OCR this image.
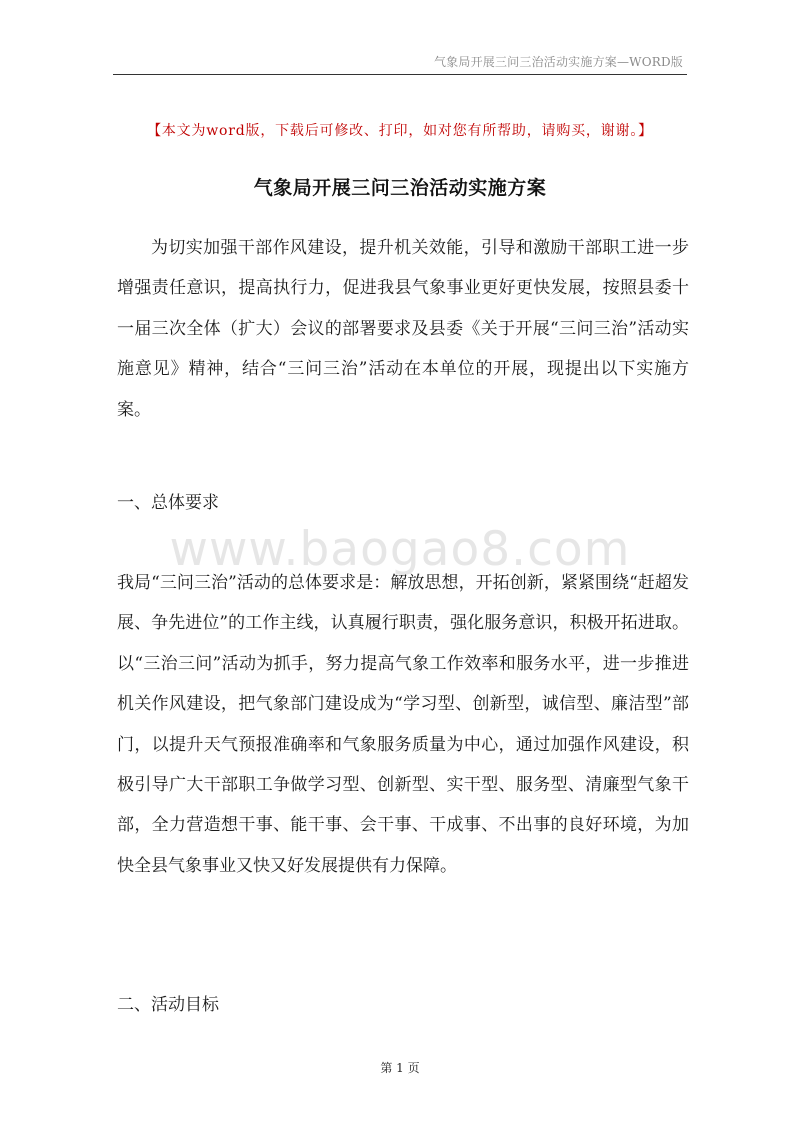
气象局开展三问三治活动实施方案—WORD版
【本文为word版，下载后可修改、打印，如对您有所帮助，请购买，谢谢。】
气象局开展三问三治活动实施方案

为切实加强干部作风建设，提升机关效能，引导和激励干部职工进一步增强责任意识，提高执行力，促进我县气象事业更好更快发展，按照县委十一届三次全体（扩大）会议的部署要求及县委《关于开展“三问三治”活动实施意见》精神，结合“三问三治”活动在本单位的开展，现提出以下实施方案。

一、总体要求
www.baogao8.com

我局“三问三治”活动的总体要求是：解放思想，开拓创新，紧紧围绕“赶超发展、争先进位”的工作主线，认真履行职责，强化服务意识，积极开拓进取。以“三治三问”活动为抓手，努力提高气象工作效率和服务水平，进一步推进机关作风建设，把气象部门建设成为“学习型、创新型，诚信型、廉洁型”部门，以提升天气预报准确率和气象服务质量为中心，通过加强作风建设，积极引导广大干部职工争做学习型、创新型、实干型、服务型、清廉型气象干部，全力营造想干事、能干事、会干事、干成事、不出事的良好环境，为加快全县气象事业又快又好发展提供有力保障。

二、活动目标
第 1 页
